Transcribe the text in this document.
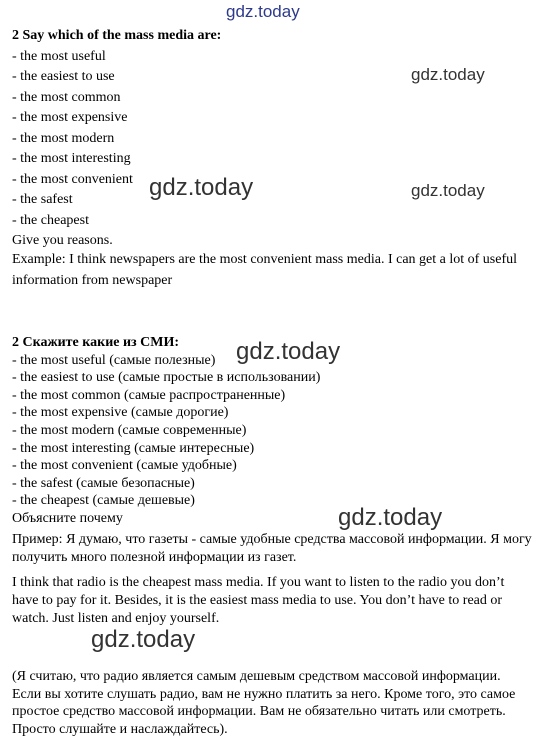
gdz.today
gdz.today
gdz.today	gdz.today
gdz.today
gdz.today
gdz.today
2 Say which of the mass media are:
- the most useful
- the easiest to use
- the most common
- the most expensive
- the most modern
- the most interesting
- the most convenient
- the safest
- the cheapest
Give you reasons.
Example: I think newspapers are the most convenient mass media. I can get a lot of useful information from newspaper
2 Скажите какие из СМИ:
- the most useful (самые полезные)
- the easiest to use (самые простые в использовании)
- the most common (самые распространенные)
- the most expensive (самые дорогие)
- the most modern (самые современные)
- the most interesting (самые интересные)
- the most convenient (самые удобные)
- the safest (самые безопасные)
- the cheapest (самые дешевые)
Объясните почему
Пример: Я думаю, что газеты - самые удобные средства массовой информации. Я могу получить много полезной информации из газет.
I think that radio is the cheapest mass media. If you want to listen to the radio you don’t have to pay for it. Besides, it is the easiest mass media to use. You don’t have to read or watch. Just listen and enjoy yourself.
(Я считаю, что радио является самым дешевым средством массовой информации. Если вы хотите слушать радио, вам не нужно платить за него. Кроме того, это самое простое средство массовой информации. Вам не обязательно читать или смотреть. Просто слушайте и наслаждайтесь).
